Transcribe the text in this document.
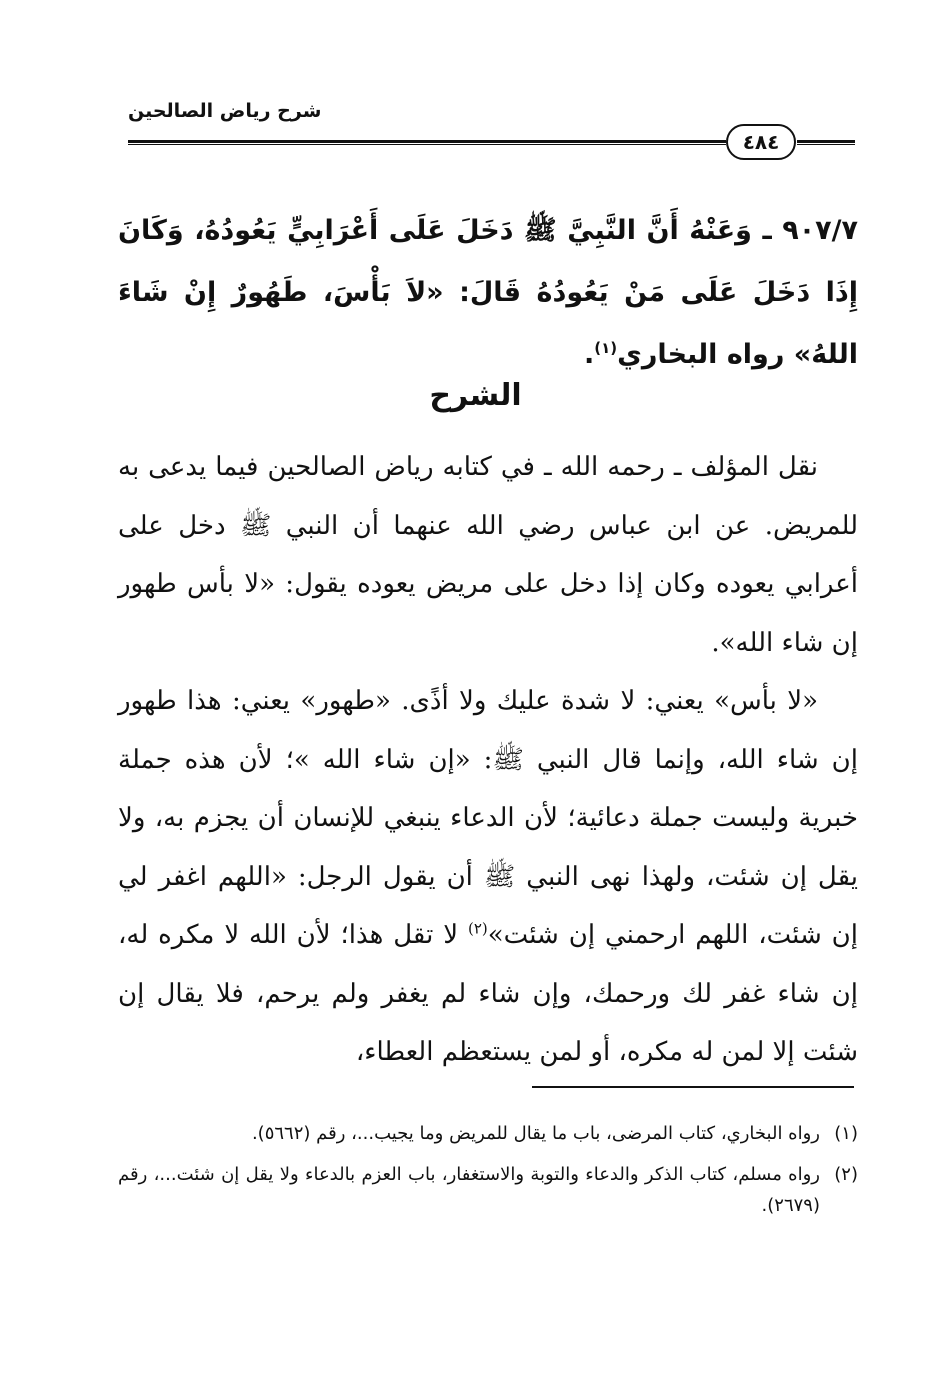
شرح رياض الصالحين
٤٨٤
٩٠٧/٧ ـ وَعَنْهُ أَنَّ النَّبِيَّ ﷺ دَخَلَ عَلَى أَعْرَابِيٍّ يَعُودُهُ، وَكَانَ إِذَا دَخَلَ عَلَى مَنْ يَعُودُهُ قَالَ: «لاَ بَأْسَ، طَهُورٌ إِنْ شَاءَ اللهُ» رواه البخاري$^{(١)}$.
الشرح

نقل المؤلف ـ رحمه الله ـ في كتابه رياض الصالحين فيما يدعى به للمريض. عن ابن عباس رضي الله عنهما أن النبي ﷺ دخل على أعرابي يعوده وكان إذا دخل على مريض يعوده يقول: «لا بأس طهور إن شاء الله».

«لا بأس» يعني: لا شدة عليك ولا أذًى. «طهور» يعني: هذا طهور إن شاء الله، وإنما قال النبي ﷺ: «إن شاء الله »؛ لأن هذه جملة خبرية وليست جملة دعائية؛ لأن الدعاء ينبغي للإنسان أن يجزم به، ولا يقل إن شئت، ولهذا نهى النبي ﷺ أن يقول الرجل: «اللهم اغفر لي إن شئت، اللهم ارحمني إن شئت»$^{(٢)}$ لا تقل هذا؛ لأن الله لا مكره له، إن شاء غفر لك ورحمك، وإن شاء لم يغفر ولم يرحم، فلا يقال إن شئت إلا لمن له مكره، أو لمن يستعظم العطاء،

(١)
رواه البخاري، كتاب المرضى، باب ما يقال للمريض وما يجيب...، رقم (٥٦٦٢).
(٢)
رواه مسلم، كتاب الذكر والدعاء والتوبة والاستغفار، باب العزم بالدعاء ولا يقل إن شئت...، رقم (٢٦٧٩).
